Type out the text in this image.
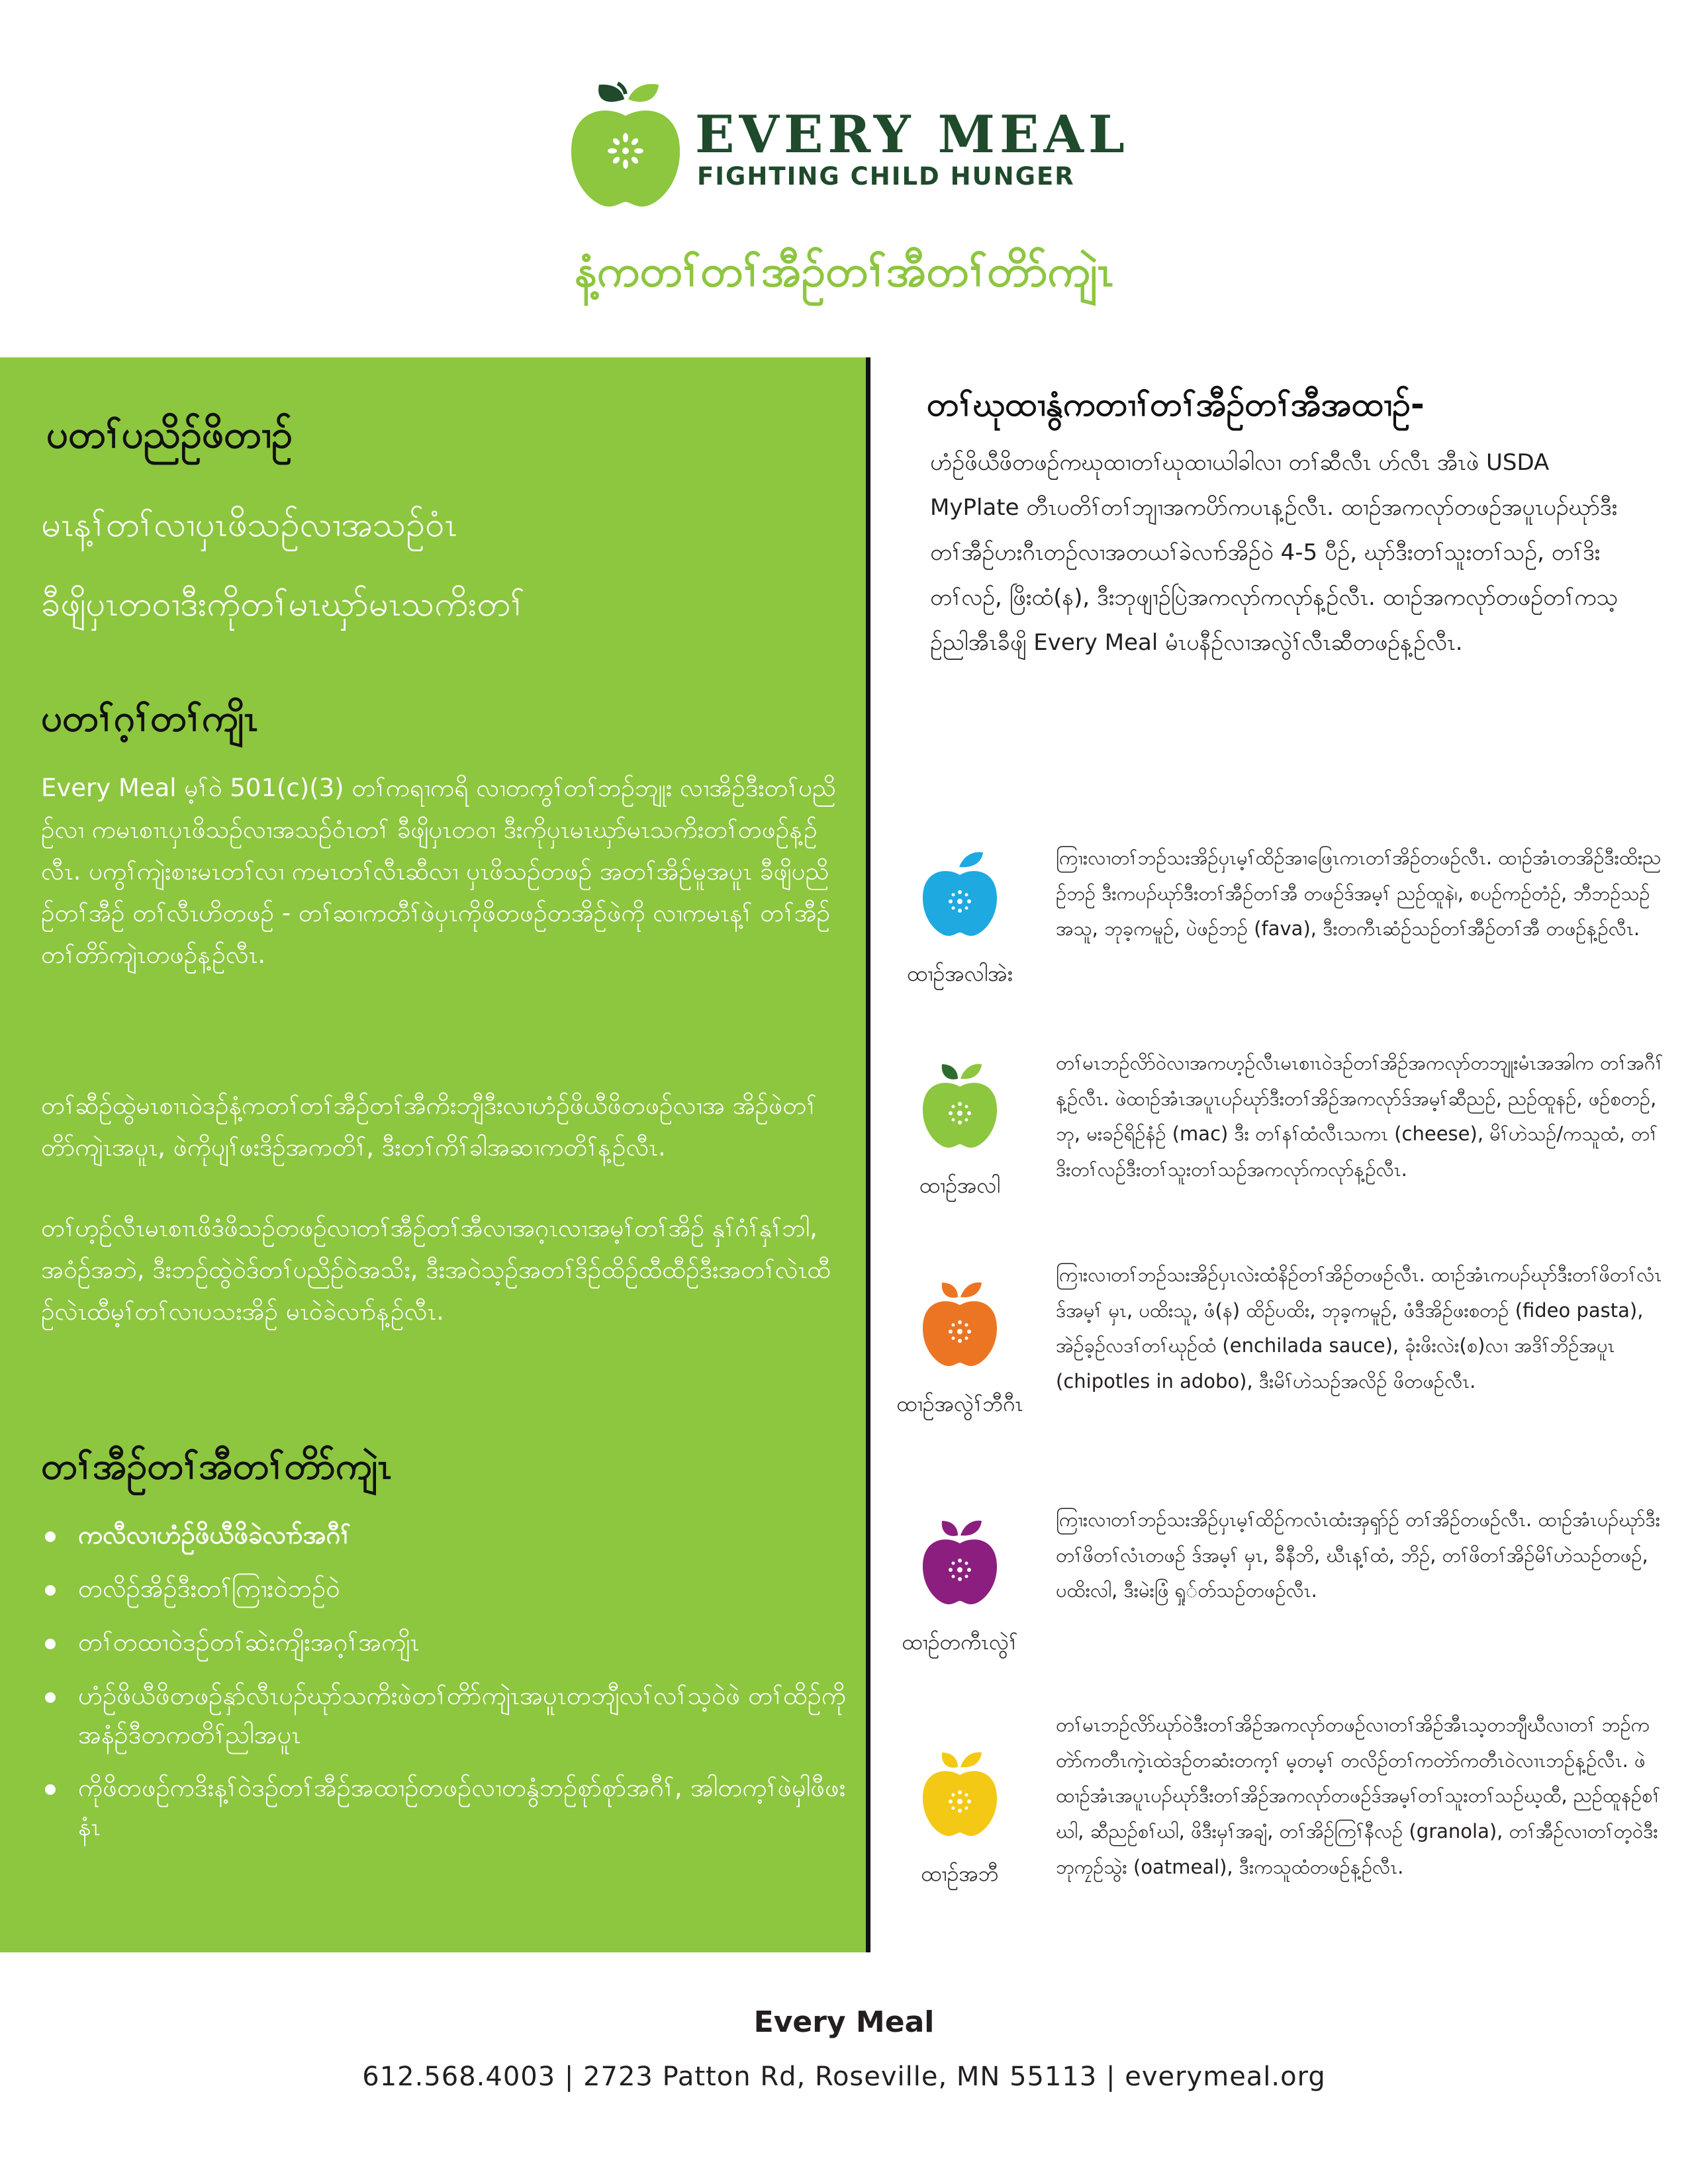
EVERY MEAL
FIGHTING CHILD HUNGER
နံ့ကတၢ်တၢ်အီဉ်တၢ်အီတၢ်တိာ်ကျဲၤ
ပတၢ်ပညိဉ်ဖိတၢဉ်
မၤန့ၢ်တၢ်လၢပှၤဖိသဉ်လၢအသဉ်ဝံၤ
ခီဖျိပှၤတဝၢဒီးကိုတၢ်မၤဃှာ်မၤသကိးတၢ်
ပတၢ်ဂ့ၢ်တၢ်ကျိၤ
Every Meal မ့ၢ်ဝဲ 501(c)(3) တၢ်ကရၢကရိ လၢတကွၢ်တၢ်ဘဉ်ဘျုး လၢအိဉ်ဒီးတၢ်ပညိဉ်လၢ ကမၤစၢၤပှၤဖိသဉ်လၢအသဉ်ဝံၤတၢ် ခီဖျိပှၤတဝၢ ဒီးကိုပှၤမၤဃှာ်မၤသကိးတၢ်တဖဉ်န့ဉ်လီၤ. ပကွၢ်ကျဲးစၢးမၤတၢ်လၢ ကမၤတၢ်လီၤဆီလၢ ပှၤဖိသဉ်တဖဉ် အတၢ်အိဉ်မူအပူၤ ခီဖျိပညိဉ်တၢ်အီဉ် တၢ်လီၤဟိတဖဉ် - တၢ်ဆၢကတီၢ်ဖဲပှၤကိုဖိတဖဉ်တအိဉ်ဖဲကို လၢကမၤန့ၢ် တၢ်အီဉ်တၢ်တိာ်ကျဲၤတဖဉ်န့ဉ်လီၤ.
တၢ်ဆီဉ်ထွဲမၤစၢၤဝဲဒဉ်နံ့ကတၢ်တၢ်အီဉ်တၢ်အီကိးဘျီဒီးလၢဟံဉ်ဖိယီဖိတဖဉ်လၢအ အိဉ်ဖဲတၢ်တိာ်ကျဲၤအပူၤ, ဖဲကိုပျၢ်ဖးဒိဉ်အကတိၢ်, ဒီးတၢ်ကိၢ်ခါအဆၢကတိၢ်န့ဉ်လီၤ.
တၢ်ဟ့ဉ်လီၤမၤစၢၤဖိဒံဖိသဉ်တဖဉ်လၢတၢ်အီဉ်တၢ်အီလၢအဂ့ၤလၢအမ့ၢ်တၢ်အိဉ် နှၢ်ဂံၢ်နှၢ်ဘါ, အဝံဉ်အဘဲ, ဒီးဘဉ်ထွဲဝဲဒ်တၢ်ပညိဉ်ဝဲအသိး, ဒီးအဝဲသ့ဉ်အတၢ်ဒိဉ်ထိဉ်ထီထီဉ်ဒီးအတၢ်လဲၤထီဉ်လဲၤထီမ့ၢ်တၢ်လၢပသးအိဉ် မၤဝဲခဲလၢာ်န့ဉ်လီၤ.
တၢ်အီဉ်တၢ်အီတၢ်တိာ်ကျဲၤ
ကလီလၢဟံဉ်ဖိယီဖိခဲလၢာ်အဂီၢ်
တလိဉ်အိဉ်ဒီးတၢ်ကြၢးဝဲဘဉ်ဝဲ
တၢ်တထၢဝဲဒဉ်တၢ်ဆဲးကျိးအဂ့ၢ်အကျိၤ
ဟံဉ်ဖိယီဖိတဖဉ်နှာ်လီၤပၣ်ဃုာ်သကိးဖဲတၢ်တိာ်ကျဲၤအပူၤတဘျီလၢ်လၢ်သ့ဝဲဖဲ တၢ်ထိဉ်ကိုအနံဉ်ဒီတကတိၢ်ညါအပူၤ
ကိုဖိတဖဉ်ကဒိးန့ၢ်ဝဲဒဉ်တၢ်အီဉ်အထၢဉ်တဖဉ်လၢတနွံဘဉ်စုာ်စုာ်အဂီၢ်, အါတက့ၢ်ဖဲမှါဖီဖးနံၤ
တၢ်ဃုထၢနွံကတၢၢ်တၢ်အီဉ်တၢ်အီအထၢဉ်-
ဟံဉ်ဖိယီဖိတဖဉ်ကဃုထၢတၢ်ဃုထၢယါခါလၢ တၢ်ဆီလီၤ ဟ်လီၤ အီၤဖဲ USDA MyPlate တီၤပတိၢ်တၢ်ဘျၢအကပိာ်ကပၤန့ဉ်လီၤ. ထၢဉ်အကလုာ်တဖဉ်အပူၤပၣ်ဃုာ်ဒီးတၢ်အီဉ်ဟးဂီၤတဉ်လၢအတယၢ်ခဲလၢာ်အိဉ်ဝဲ 4-5 ပီဉ်, ဃုာ်ဒီးတၢ်သူးတၢ်သဉ်, တၢ်ဒိးတၢ်လဉ်, ဖြိးထံ(န), ဒီးဘုဖျၢဉ်ပြဲအကလုာ်ကလုာ်န့ဉ်လီၤ. ထၢဉ်အကလုာ်တဖဉ်တၢ်ကသ့ဉ်ညါအီၤခီဖျိ Every Meal မံၤပနီဉ်လၢအလွဲၢ်လီၤဆီတဖဉ်န့ဉ်လီၤ.
ထၢဉ်အလါအဲး
ကြၢးလၢတၢ်ဘဉ်သးအိဉ်ပှၤမ့ၢ်ထိဉ်အၢဖြေၤကၤတၢ်အိဉ်တဖဉ်လီၤ. ထၢဉ်အံၤတအိဉ်ဒီးထိးညဉ်ဘဉ် ဒီးကပၣ်ဃုာ်ဒီးတၢ်အီဉ်တၢ်အီ တဖဉ်ဒ်အမ့ၢ် ညဉ်ထူနဲ၊, စပဉ်ကဉ်တံဉ်, ဘီဘဉ်သဉ်အသူ, ဘုခ့ကမူဉ်, ပဲဖဉ်ဘဉ် (fava), ဒီးတကီၤဆံဉ်သဉ်တၢ်အီဉ်တၢ်အီ တဖဉ်န့ဉ်လီၤ.
ထၢဉ်အလါ
တၢ်မၤဘဉ်လိာ်ဝဲလၢအကဟ့ဉ်လီၤမၤစၢၤဝဲဒဉ်တၢ်အိဉ်အကလုာ်တဘျုးမံၤအအါက တၢ်အဂီၢ်န့ဉ်လီၤ. ဖဲထၢဉ်အံၤအပူၤပၣ်ဃုာ်ဒီးတၢ်အိဉ်အကလုာ်ဒ်အမ့ၢ်ဆီညဉ်, ညဉ်ထူနဉ်, ဖဉ်စတဉ်, ဘု, မးခဉ်ရိဉ်နံဉ် (mac) ဒီး တၢ်နၢ်ထံလီၤသကၤ (cheese), မိၢ်ဟဲသဉ်/ကသူထံ, တၢ်ဒိးတၢ်လဉ်ဒီးတၢ်သူးတၢ်သဉ်အကလုာ်ကလုာ်န့ဉ်လီၤ.
ထၢဉ်အလွဲၢ်ဘီဂီၤ
ကြၢးလၢတၢ်ဘဉ်သးအိဉ်ပှၤလဲးထံနိဉ်တၢ်အိဉ်တဖဉ်လီၤ. ထၢဉ်အံၤကပၣ်ဃုာ်ဒီးတၢ်ဖိတၢ်လံၤဒ်အမ့ၢ် မှၤ, ပထိးသူ, ဖံ(န) ထိဉ်ပထိး, ဘုခ့ကမူဉ်, ဖံဒီအိဉ်ဖးစတဉ် (fideo pasta), အဲဉ်ခ့ဉ်လဒၢ်တၢ်ဃုဉ်ထံ (enchilada sauce), ခုံးဖိးလဲး(စ)လၢ အဒိၢ်ဘိဉ်အပူၤ (chipotles in adobo), ဒီးမိၢ်ဟဲသဉ်အလိဉ် ဖိတဖဉ်လီၤ.
ထၢဉ်တကီၤလွဲၢ်
ကြၢးလၢတၢ်ဘဉ်သးအိဉ်ပှၤမ့ၢ်ထိဉ်ကလံၤထံးအှၡာ်ဉ် တၢ်အိဉ်တဖဉ်လီၤ. ထၢဉ်အံၤပၣ်ဃုာ်ဒီးတၢ်ဖိတၢ်လံၤတဖဉ် ဒ်အမ့ၢ် မှၤ, ခီနီဘိ, ဃီၤန့ၢ်ထံ, ဘိဉ်, တၢ်ဖိတၢ်အိဉ်မိၢ်ဟဲသဉ်တဖဉ်, ပထိးလါ, ဒီးမဲးဖြံ ရှု်တ်သဉ်တဖဉ်လီၤ.
ထၢဉ်အဘီ
တၢ်မၤဘဉ်လိာ်ဃုာ်ဝဲဒီးတၢ်အိဉ်အကလုာ်တဖဉ်လၢတၢ်အိဉ်အီၤသ့တဘျီဃီလၢတၢ် ဘဉ်ကတဲာ်ကတီၤကဲ့ၤထဲဒဉ်တဆံးတက့ၢ် မ့တမ့ၢ် တလိဉ်တၢ်ကတဲာ်ကတီၤဝဲလၢၤဘဉ်န့ဉ်လီၤ. ဖဲထၢဉ်အံၤအပူၤပၣ်ဃုာ်ဒီးတၢ်အိဉ်အကလုာ်တဖဉ်ဒ်အမ့ၢ်တၢ်သူးတၢ်သဉ်ဃ့ထီ, ညဉ်ထူနဉ်စၢ်ဃါ, ဆီညဉ်စၢ်ဃါ, ဖိဒီးမှၢ်အချံ, တၢ်အိဉ်ကြၢ်နီလဉ် (granola), တၢ်အီဉ်လၢတၢ်တ့ဝဲဒီးဘုကၠဉ်သွဲး (oatmeal), ဒီးကသူထံတဖဉ်န့ဉ်လီၤ.
Every Meal
612.568.4003 | 2723 Patton Rd, Roseville, MN 55113 | everymeal.org
